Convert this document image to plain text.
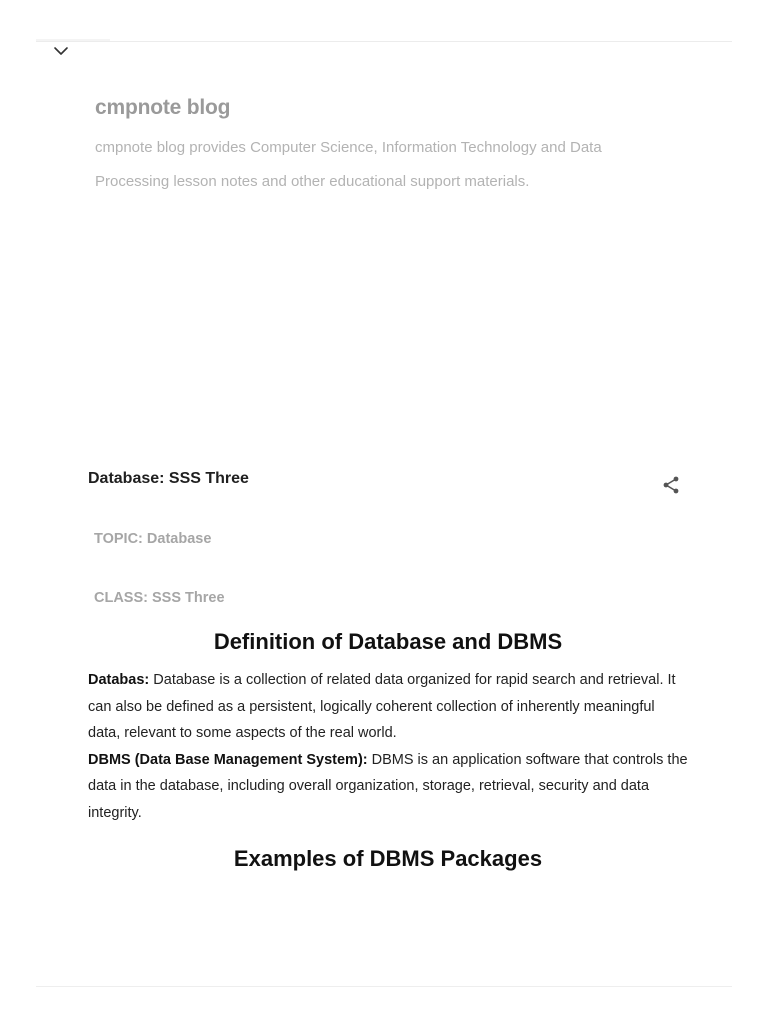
cmpnote blog

cmpnote blog provides Computer Science, Information Technology and Data Processing lesson notes and other educational support materials.

Database: SSS Three

TOPIC: Database

CLASS: SSS Three

Definition of Database and DBMS

Databas: Database is a collection of related data organized for rapid search and retrieval. It can also be defined as a persistent, logically coherent collection of inherently meaningful data, relevant to some aspects of the real world.
DBMS (Data Base Management System): DBMS is an application software that controls the data in the database, including overall organization, storage, retrieval, security and data integrity.

Examples of DBMS Packages
